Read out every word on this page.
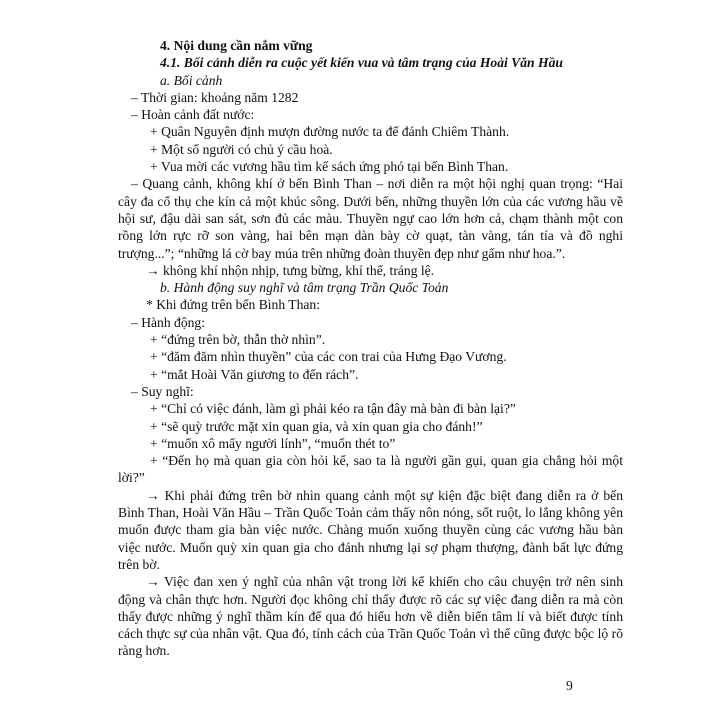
4. Nội dung cần nắm vững

4.1. Bối cảnh diễn ra cuộc yết kiến vua và tâm trạng của Hoài Văn Hầu

a. Bối cảnh

– Thời gian: khoảng năm 1282

– Hoàn cảnh đất nước:

+ Quân Nguyên định mượn đường nước ta để đánh Chiêm Thành.

+ Một số người có chủ ý cầu hoà.

+ Vua mời các vương hầu tìm kế sách ứng phó tại bến Bình Than.

– Quang cảnh, không khí ở bến Bình Than – nơi diễn ra một hội nghị quan trọng: “Hai cây đa cổ thụ che kín cả một khúc sông. Dưới bến, những thuyền lớn của các vương hầu về hội sư, đậu dài san sát, sơn đủ các màu. Thuyền ngự cao lớn hơn cả, chạm thành một con rồng lớn rực rỡ son vàng, hai bên mạn dàn bày cờ quạt, tàn vàng, tán tía và đồ nghi trượng...”; “những lá cờ bay múa trên những đoàn thuyền đẹp như gấm như hoa.”.

→ không khí nhộn nhịp, tưng bừng, khí thế, tráng lệ.

b. Hành động suy nghĩ và tâm trạng Trần Quốc Toản

* Khi đứng trên bến Bình Than:

– Hành động:

+ “đứng trên bờ, thẫn thờ nhìn”.

+ “đăm đăm nhìn thuyền” của các con trai của Hưng Đạo Vương.

+ “mắt Hoài Văn giương to đến rách”.

– Suy nghĩ:

+ “Chỉ có việc đánh, làm gì phải kéo ra tận đây mà bàn đi bàn lại?”

+ “sẽ quỳ trước mặt xin quan gia, và xin quan gia cho đánh!”

+ “muốn xô mấy người lính”, “muốn thét to”

+ “Đến họ mà quan gia còn hỏi kế, sao ta là người gần gụi, quan gia chẳng hỏi một lời?”

→ Khi phải đứng trên bờ nhìn quang cảnh một sự kiện đặc biệt đang diễn ra ở bến Bình Than, Hoài Văn Hầu – Trần Quốc Toản cảm thấy nôn nóng, sốt ruột, lo lắng không yên muốn được tham gia bàn việc nước. Chàng muốn xuống thuyền cùng các vương hầu bàn việc nước. Muốn quỳ xin quan gia cho đánh nhưng lại sợ phạm thượng, đành bất lực đứng trên bờ.

→ Việc đan xen ý nghĩ của nhân vật trong lời kể khiến cho câu chuyện trở nên sinh động và chân thực hơn. Người đọc không chỉ thấy được rõ các sự việc đang diễn ra mà còn thấy được những ý nghĩ thầm kín để qua đó hiểu hơn về diễn biến tâm lí và biết được tính cách thực sự của nhân vật. Qua đó, tính cách của Trần Quốc Toản vì thế cũng được bộc lộ rõ ràng hơn.

9
